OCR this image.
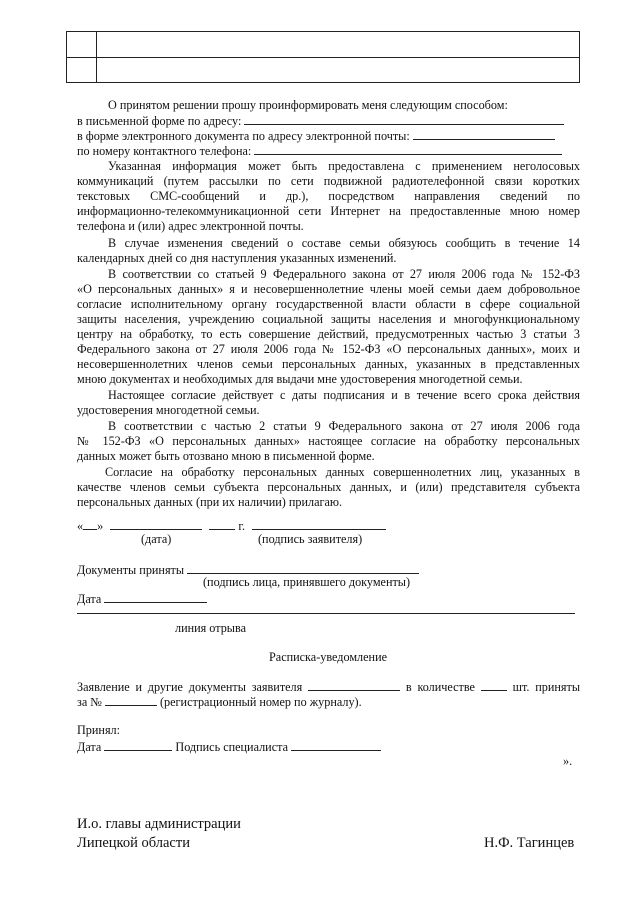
О принятом решении прошу проинформировать меня следующим способом:
в письменной форме по адресу:
в форме электронного документа по адресу электронной почты:
по номеру контактного телефона:
Указанная информация может быть предоставлена с применением неголосовых
коммуникаций (путем рассылки по сети подвижной радиотелефонной связи коротких
текстовых СМС-сообщений и др.), посредством направления сведений по
информационно-телекоммуникационной сети Интернет на предоставленные мною номер
телефона и (или) адрес электронной почты.
В случае изменения сведений о составе семьи обязуюсь сообщить в течение 14
календарных дней со дня наступления указанных изменений.
В соответствии со статьей 9 Федерального закона от 27 июля 2006 года № 152-ФЗ
«О персональных данных» я и несовершеннолетние члены моей семьи даем добровольное
согласие исполнительному органу государственной власти области в сфере социальной
защиты населения, учреждению социальной защиты населения и многофункциональному
центру на обработку, то есть совершение действий, предусмотренных частью 3 статьи 3
Федерального закона от 27 июля 2006 года № 152-ФЗ «О персональных данных», моих и
несовершеннолетних членов семьи персональных данных, указанных в представленных
мною документах и необходимых для выдачи мне удостоверения многодетной семьи.
Настоящее согласие действует с даты подписания и в течение всего срока действия
удостоверения многодетной семьи.
В соответствии с частью 2 статьи 9 Федерального закона от 27 июля 2006 года
№ 152-ФЗ «О персональных данных» настоящее согласие на обработку персональных
данных может быть отозвано мною в письменной форме.
Согласие на обработку персональных данных совершеннолетних лиц, указанных в
качестве членов семьи субъекта персональных данных, и (или) представителя субъекта
персональных данных (при их наличии) прилагаю.
« »	г.
(дата)	(подпись заявителя)
Документы приняты
(подпись лица, принявшего документы)
Дата
линия отрыва
Расписка-уведомление
Заявление и другие документы заявителя	в количестве	шт. приняты
за №	(регистрационный номер по журналу).
Принял:
Дата	Подпись специалиста
».
И.о. главы администрации
Липецкой области	Н.Ф. Тагинцев
